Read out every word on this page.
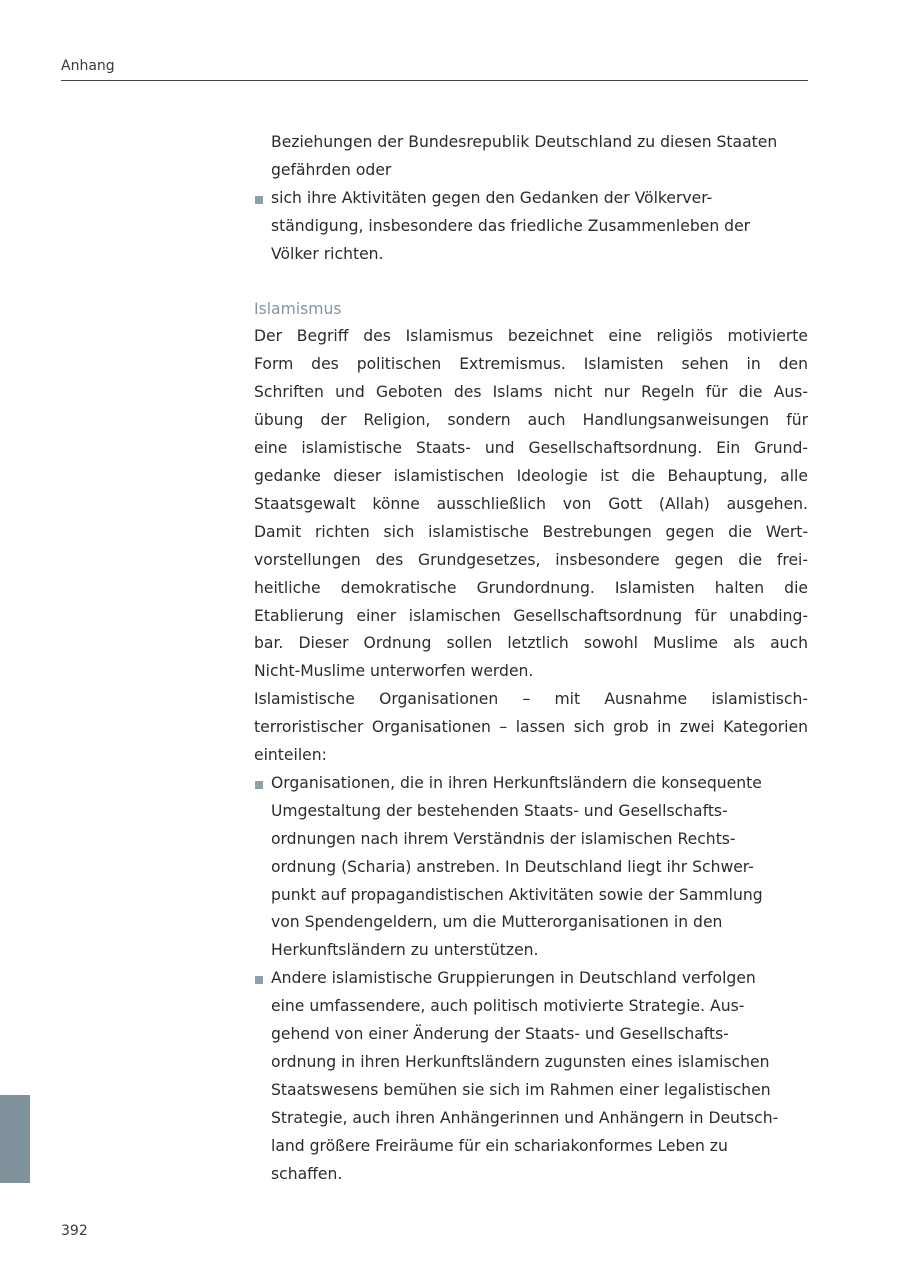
Anhang
Beziehungen der Bundesrepublik Deutschland zu diesen Staaten
gefährden oder
sich ihre Aktivitäten gegen den Gedanken der Völkerver-
ständigung, insbesondere das friedliche Zusammenleben der
Völker richten.
Islamismus
Der Begriff des Islamismus bezeichnet eine religiös motivierte
Form des politischen Extremismus. Islamisten sehen in den
Schriften und Geboten des Islams nicht nur Regeln für die Aus-
übung der Religion, sondern auch Handlungsanweisungen für
eine islamistische Staats- und Gesellschaftsordnung. Ein Grund-
gedanke dieser islamistischen Ideologie ist die Behauptung, alle
Staatsgewalt könne ausschließlich von Gott (Allah) ausgehen.
Damit richten sich islamistische Bestrebungen gegen die Wert-
vorstellungen des Grundgesetzes, insbesondere gegen die frei-
heitliche demokratische Grundordnung. Islamisten halten die
Etablierung einer islamischen Gesellschaftsordnung für unabding-
bar. Dieser Ordnung sollen letztlich sowohl Muslime als auch
Nicht-Muslime unterworfen werden.
Islamistische Organisationen – mit Ausnahme islamistisch-
terroristischer Organisationen – lassen sich grob in zwei Kategorien
einteilen:
Organisationen, die in ihren Herkunftsländern die konsequente
Umgestaltung der bestehenden Staats- und Gesellschafts-
ordnungen nach ihrem Verständnis der islamischen Rechts-
ordnung (Scharia) anstreben. In Deutschland liegt ihr Schwer-
punkt auf propagandistischen Aktivitäten sowie der Sammlung
von Spendengeldern, um die Mutterorganisationen in den
Herkunftsländern zu unterstützen.
Andere islamistische Gruppierungen in Deutschland verfolgen
eine umfassendere, auch politisch motivierte Strategie. Aus-
gehend von einer Änderung der Staats- und Gesellschafts-
ordnung in ihren Herkunftsländern zugunsten eines islamischen
Staatswesens bemühen sie sich im Rahmen einer legalistischen
Strategie, auch ihren Anhängerinnen und Anhängern in Deutsch-
land größere Freiräume für ein schariakonformes Leben zu
schaffen.
392
